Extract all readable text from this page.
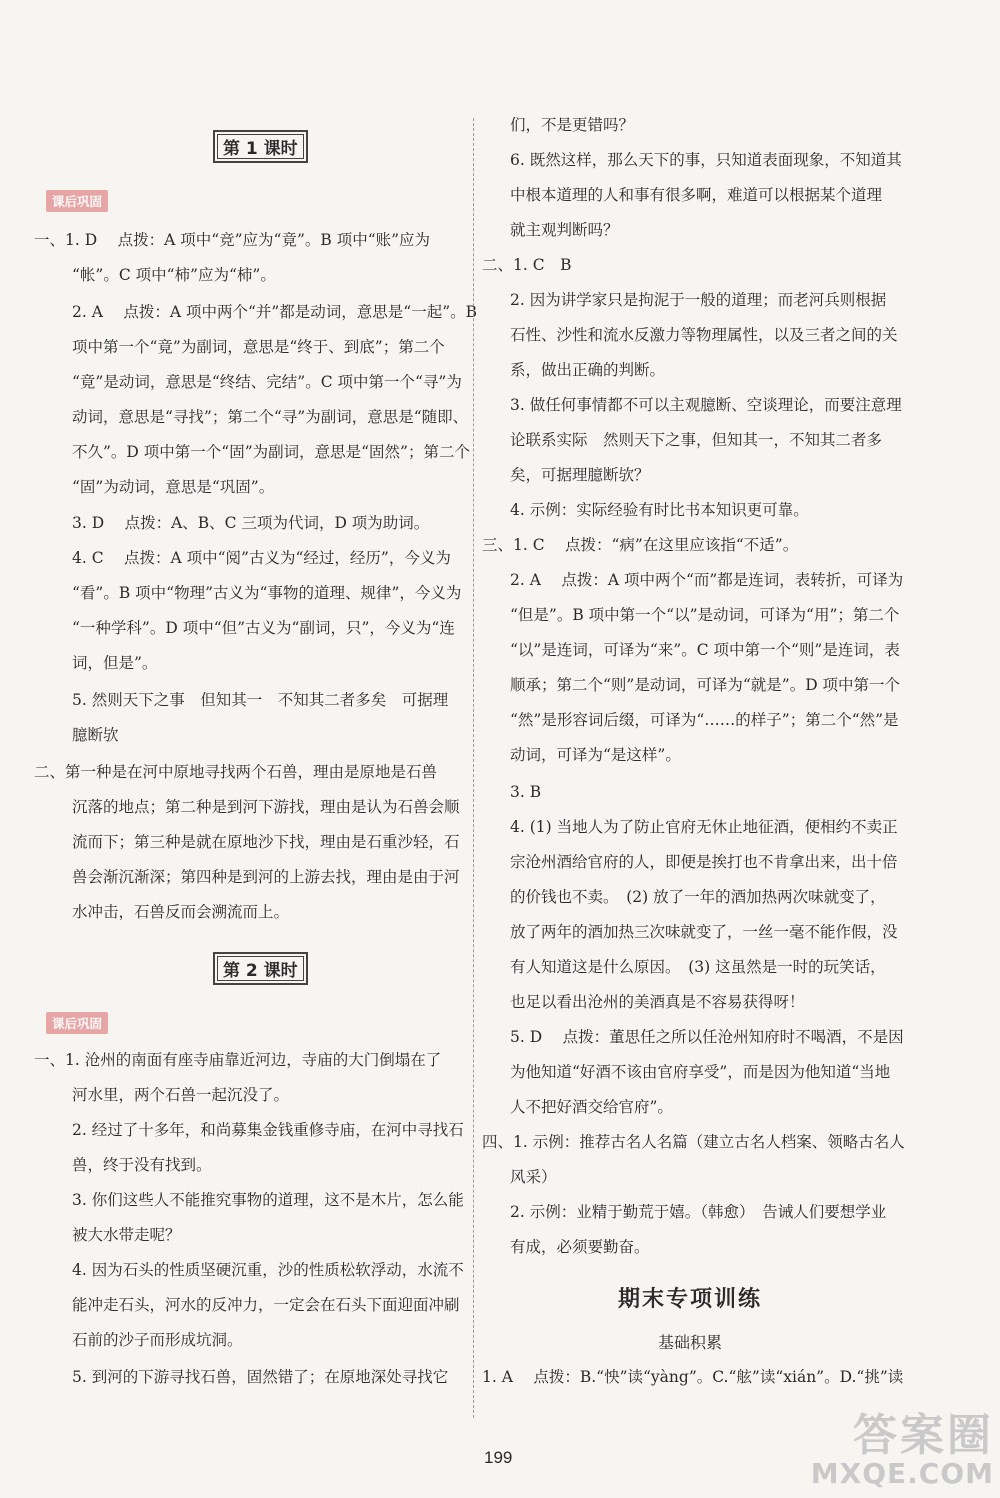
第 1 课时
课后巩固
一、1. D　 点拨：A 项中“竞”应为“竟”。B 项中“账”应为
“帐”。C 项中“柿”应为“柿”。
2. A　 点拨：A 项中两个“并”都是动词，意思是“一起”。B
项中第一个“竟”为副词，意思是“终于、到底”；第二个
“竟”是动词，意思是“终结、完结”。C 项中第一个“寻”为
动词，意思是“寻找”；第二个“寻”为副词，意思是“随即、
不久”。D 项中第一个“固”为副词，意思是“固然”；第二个
“固”为动词，意思是“巩固”。
3. D　 点拨：A、B、C 三项为代词，D 项为助词。
4. C　 点拨：A 项中“阅”古义为“经过，经历”，今义为
“看”。B 项中“物理”古义为“事物的道理、规律”，今义为
“一种学科”。D 项中“但”古义为“副词，只”，今义为“连
词，但是”。
5. 然则天下之事　但知其一　不知其二者多矣　可据理
臆断欤
二、第一种是在河中原地寻找两个石兽，理由是原地是石兽
沉落的地点；第二种是到河下游找，理由是认为石兽会顺
流而下；第三种是就在原地沙下找，理由是石重沙轻，石
兽会渐沉渐深；第四种是到河的上游去找，理由是由于河
水冲击，石兽反而会溯流而上。
第 2 课时
课后巩固
一、1. 沧州的南面有座寺庙靠近河边，寺庙的大门倒塌在了
河水里，两个石兽一起沉没了。
2. 经过了十多年，和尚募集金钱重修寺庙，在河中寻找石
兽，终于没有找到。
3. 你们这些人不能推究事物的道理，这不是木片，怎么能
被大水带走呢？
4. 因为石头的性质坚硬沉重，沙的性质松软浮动，水流不
能冲走石头，河水的反冲力，一定会在石头下面迎面冲刷
石前的沙子而形成坑洞。
5. 到河的下游寻找石兽，固然错了；在原地深处寻找它
们，不是更错吗？
6. 既然这样，那么天下的事，只知道表面现象，不知道其
中根本道理的人和事有很多啊，难道可以根据某个道理
就主观判断吗？
二、1. C　B
2. 因为讲学家只是拘泥于一般的道理；而老河兵则根据
石性、沙性和流水反激力等物理属性，以及三者之间的关
系，做出正确的判断。
3. 做任何事情都不可以主观臆断、空谈理论，而要注意理
论联系实际　然则天下之事，但知其一，不知其二者多
矣，可据理臆断欤？
4. 示例：实际经验有时比书本知识更可靠。
三、1. C　 点拨：“病”在这里应该指“不适”。
2. A　 点拨：A 项中两个“而”都是连词，表转折，可译为
“但是”。B 项中第一个“以”是动词，可译为“用”；第二个
“以”是连词，可译为“来”。C 项中第一个“则”是连词，表
顺承；第二个“则”是动词，可译为“就是”。D 项中第一个
“然”是形容词后缀，可译为“……的样子”；第二个“然”是
动词，可译为“是这样”。
3. B
4. (1) 当地人为了防止官府无休止地征酒，便相约不卖正
宗沧州酒给官府的人，即便是挨打也不肯拿出来，出十倍
的价钱也不卖。　(2) 放了一年的酒加热两次味就变了，
放了两年的酒加热三次味就变了，一丝一毫不能作假，没
有人知道这是什么原因。　(3) 这虽然是一时的玩笑话，
也足以看出沧州的美酒真是不容易获得呀！
5. D　 点拨：董思任之所以任沧州知府时不喝酒，不是因
为他知道“好酒不该由官府享受”，而是因为他知道“当地
人不把好酒交给官府”。
四、1. 示例：推荐古名人名篇（建立古名人档案、领略古名人
风采）
2. 示例：业精于勤荒于嬉。（韩愈）　告诫人们要想学业
有成，必须要勤奋。
期末专项训练
基础积累
1. A　 点拨：B.“怏”读“yàng”。C.“舷”读“xián”。D.“挑”读
199	答案圈
MXQE.COM
